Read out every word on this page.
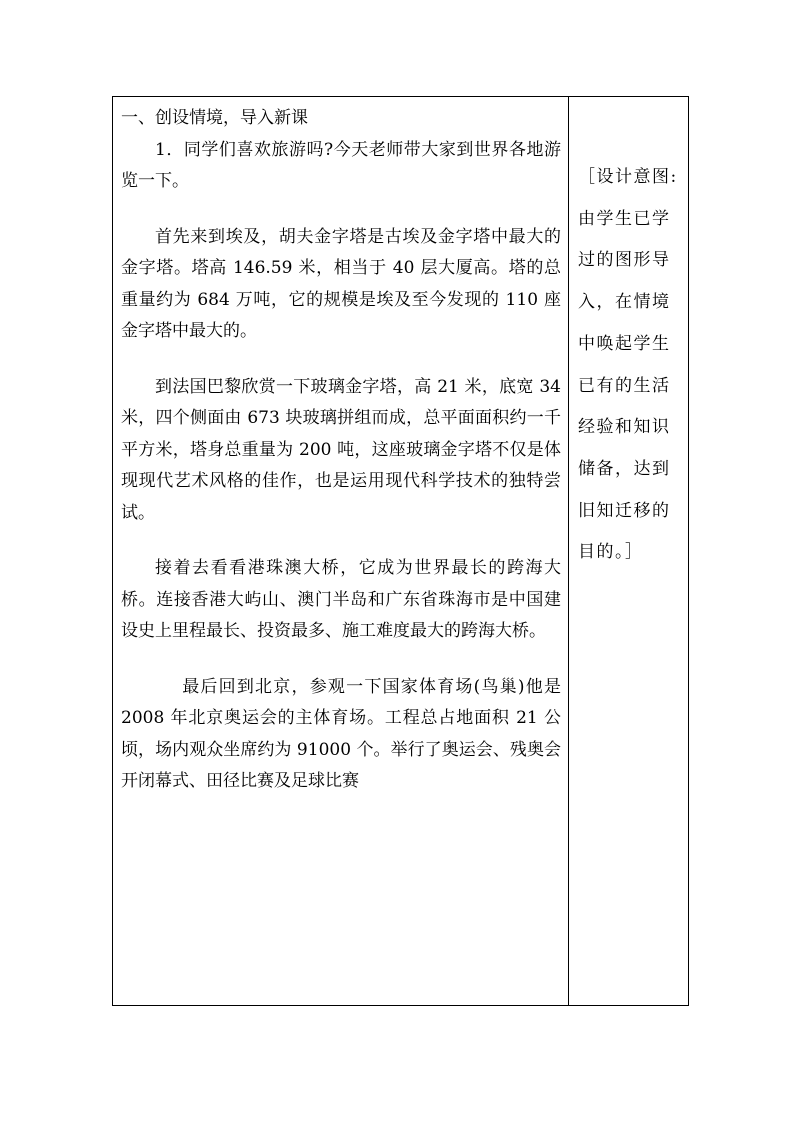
一、创设情境，导入新课

1．同学们喜欢旅游吗?今天老师带大家到世界各地游览一下。

首先来到埃及，胡夫金字塔是古埃及金字塔中最大的金字塔。塔高 146.59 米，相当于 40 层大厦高。塔的总重量约为 684 万吨，它的规模是埃及至今发现的 110 座金字塔中最大的。

到法国巴黎欣赏一下玻璃金字塔，高 21 米，底宽 34 米，四个侧面由 673 块玻璃拼组而成，总平面面积约一千平方米，塔身总重量为 200 吨，这座玻璃金字塔不仅是体现现代艺术风格的佳作，也是运用现代科学技术的独特尝试。

接着去看看港珠澳大桥，它成为世界最长的跨海大桥。连接香港大屿山、澳门半岛和广东省珠海市是中国建设史上里程最长、投资最多、施工难度最大的跨海大桥。

最后回到北京，参观一下国家体育场(鸟巢)他是 2008 年北京奥运会的主体育场。工程总占地面积 21 公顷，场内观众坐席约为 91000 个。举行了奥运会、残奥会开闭幕式、田径比赛及足球比赛

［设计意图:由学生已学过的图形导入，在情境中唤起学生已有的生活经验和知识储备，达到旧知迁移的目的。］
